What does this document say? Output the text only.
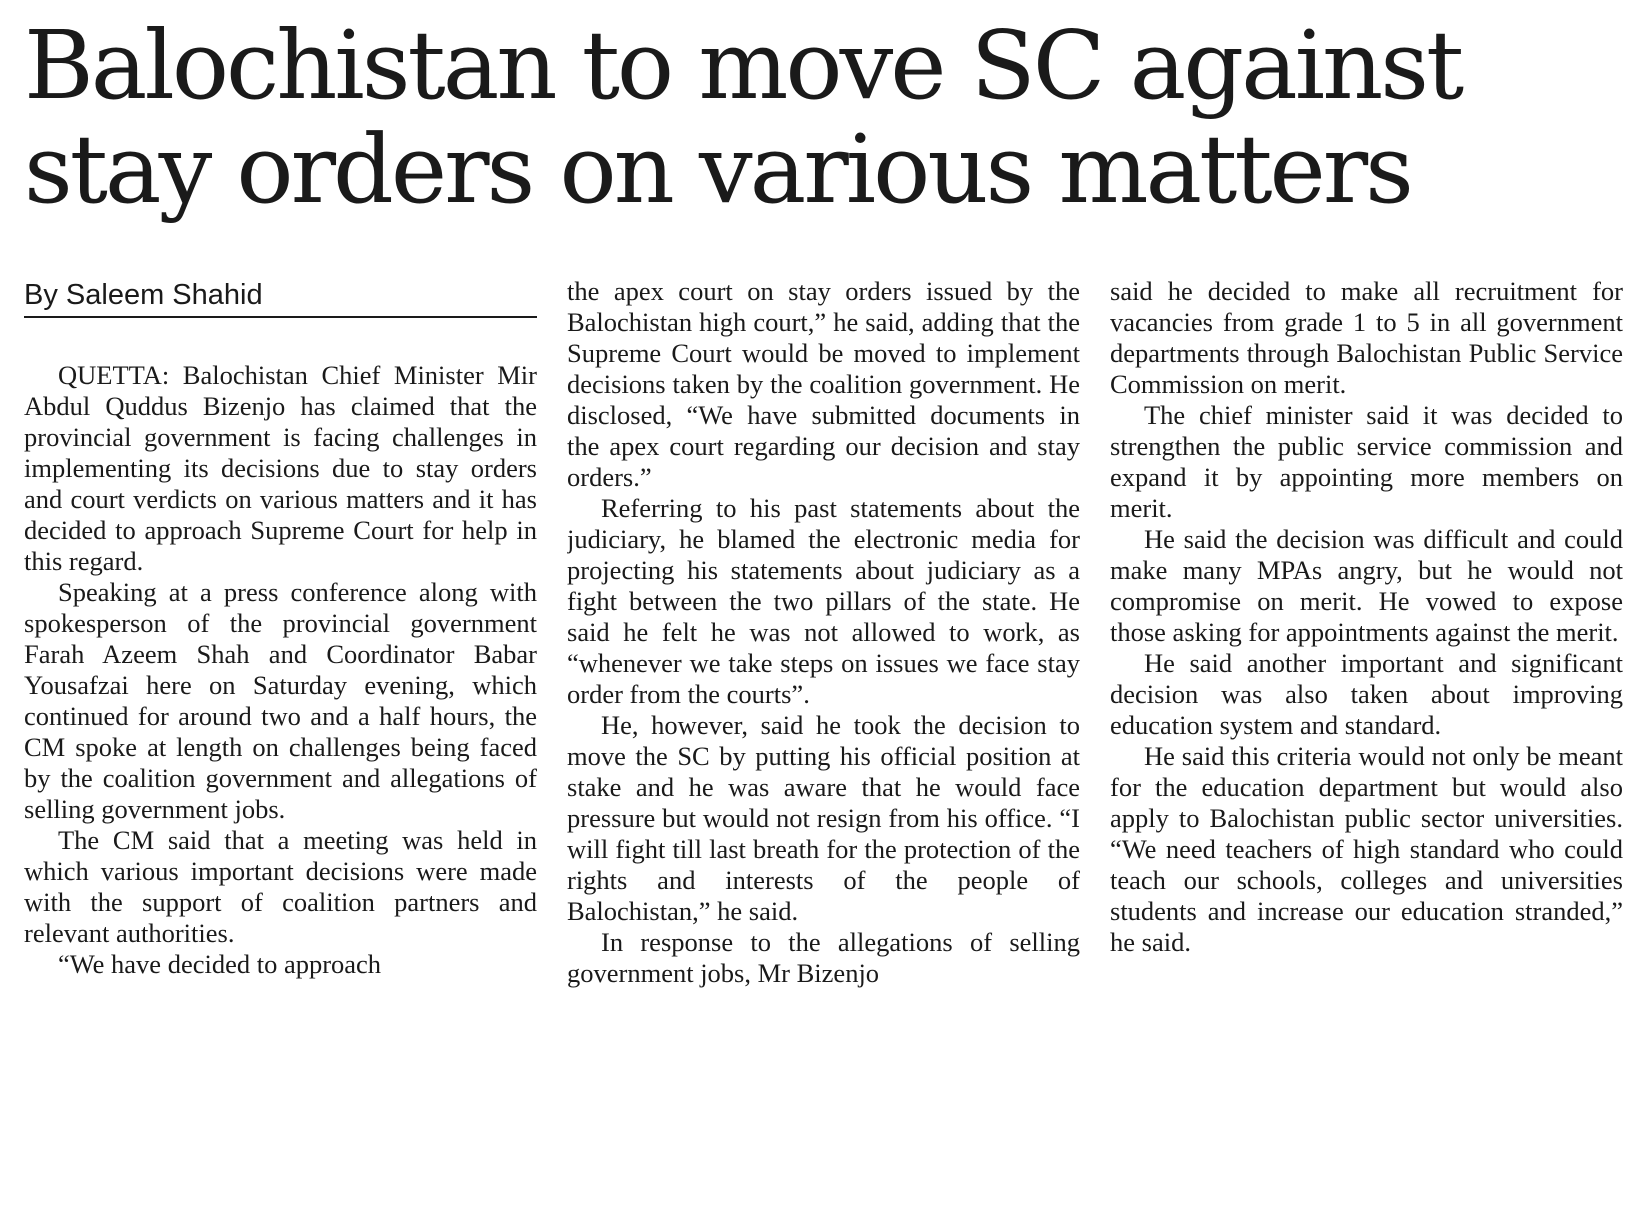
Balochistan to move SC against stay orders on various matters
By Saleem Shahid

QUETTA: Balochistan Chief Minister Mir Abdul Quddus Bizenjo has claimed that the provincial government is facing challenges in implementing its decisions due to stay orders and court verdicts on various matters and it has decided to approach Supreme Court for help in this regard.

Speaking at a press conference along with spokesperson of the provincial government Farah Azeem Shah and Coordinator Babar Yousafzai here on Saturday evening, which continued for around two and a half hours, the CM spoke at length on challenges being faced by the coalition government and allegations of selling government jobs.

The CM said that a meeting was held in which various important decisions were made with the support of coalition partners and relevant authorities.

“We have decided to approach

the apex court on stay orders issued by the Balochistan high court,” he said, adding that the Supreme Court would be moved to implement decisions taken by the coalition government. He disclosed, “We have submitted documents in the apex court regarding our decision and stay orders.”

Referring to his past statements about the judiciary, he blamed the electronic media for projecting his statements about judiciary as a fight between the two pillars of the state. He said he felt he was not allowed to work, as “whenever we take steps on issues we face stay order from the courts”.

He, however, said he took the decision to move the SC by putting his official position at stake and he was aware that he would face pressure but would not resign from his office. “I will fight till last breath for the protection of the rights and interests of the people of Balochistan,” he said.

In response to the allegations of selling government jobs, Mr Bizenjo

said he decided to make all recruitment for vacancies from grade 1 to 5 in all government departments through Balochistan Public Service Commission on merit.

The chief minister said it was decided to strengthen the public service commission and expand it by appointing more members on merit.

He said the decision was difficult and could make many MPAs angry, but he would not compromise on merit. He vowed to expose those asking for appointments against the merit.

He said another important and significant decision was also taken about improving education system and standard.

He said this criteria would not only be meant for the education department but would also apply to Balochistan public sector universities. “We need teachers of high standard who could teach our schools, colleges and universities students and increase our education stranded,” he said.
